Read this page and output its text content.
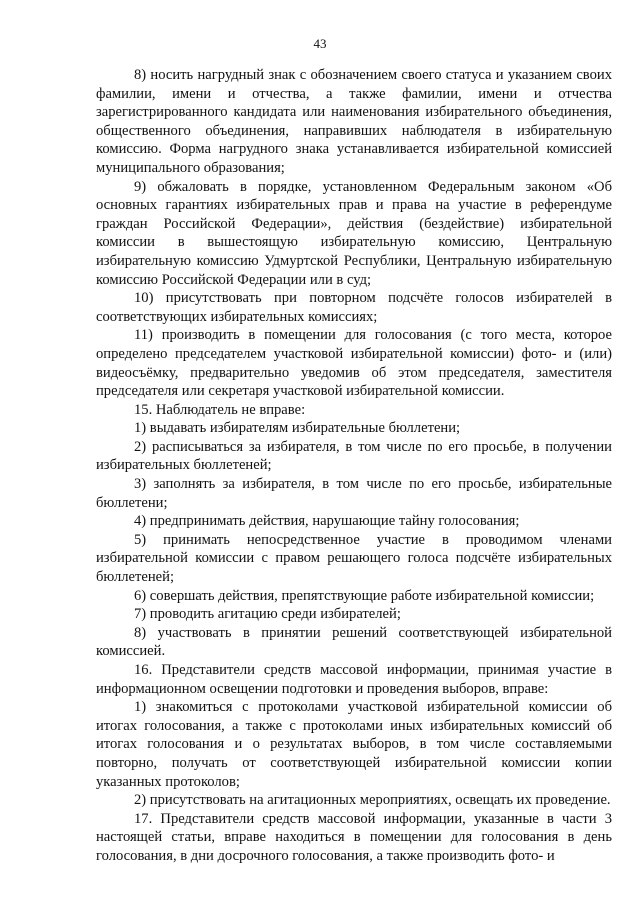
43

8) носить нагрудный знак с обозначением своего статуса и указанием своих фамилии, имени и отчества, а также фамилии, имени и отчества зарегистрированного кандидата или наименования избирательного объединения, общественного объединения, направивших наблюдателя в избирательную комиссию. Форма нагрудного знака устанавливается избирательной комиссией муниципального образования;

9) обжаловать в порядке, установленном Федеральным законом «Об основных гарантиях избирательных прав и права на участие в референдуме граждан Российской Федерации», действия (бездействие) избирательной комиссии в вышестоящую избирательную комиссию, Центральную избирательную комиссию Удмуртской Республики, Центральную избирательную комиссию Российской Федерации или в суд;

10) присутствовать при повторном подсчёте голосов избирателей в соответствующих избирательных комиссиях;

11) производить в помещении для голосования (с того места, которое определено председателем участковой избирательной комиссии) фото- и (или) видеосъёмку, предварительно уведомив об этом председателя, заместителя председателя или секретаря участковой избирательной комиссии.

15. Наблюдатель не вправе:

1) выдавать избирателям избирательные бюллетени;

2) расписываться за избирателя, в том числе по его просьбе, в получении избирательных бюллетеней;

3) заполнять за избирателя, в том числе по его просьбе, избирательные бюллетени;

4) предпринимать действия, нарушающие тайну голосования;

5) принимать непосредственное участие в проводимом членами избирательной комиссии с правом решающего голоса подсчёте избирательных бюллетеней;

6) совершать действия, препятствующие работе избирательной комиссии;

7) проводить агитацию среди избирателей;

8) участвовать в принятии решений соответствующей избирательной комиссией.

16. Представители средств массовой информации, принимая участие в информационном освещении подготовки и проведения выборов, вправе:

1) знакомиться с протоколами участковой избирательной комиссии об итогах голосования, а также с протоколами иных избирательных комиссий об итогах голосования и о результатах выборов, в том числе составляемыми повторно, получать от соответствующей избирательной комиссии копии указанных протоколов;

2) присутствовать на агитационных мероприятиях, освещать их проведение.

17. Представители средств массовой информации, указанные в части 3 настоящей статьи, вправе находиться в помещении для голосования в день голосования, в дни досрочного голосования, а также производить фото- и
